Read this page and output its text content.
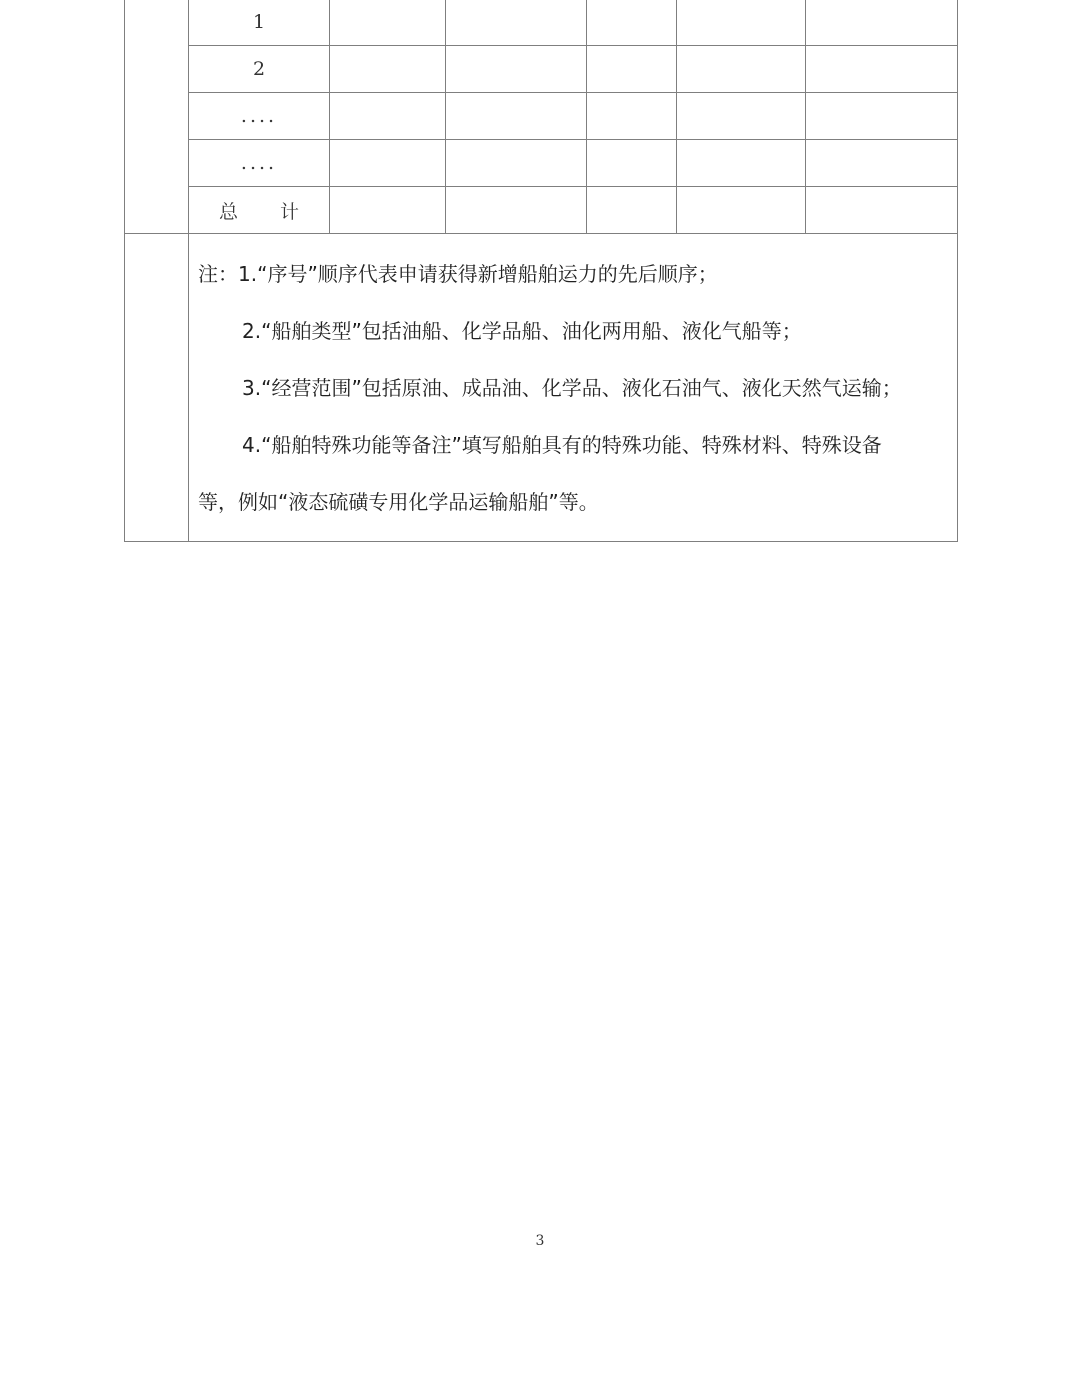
	1					
	2					
	....					
	....					
	总 计					

	注：1.“序号”顺序代表申请获得新增船舶运力的先后顺序；
2.“船舶类型”包括油船、化学品船、油化两用船、液化气船等；
3.“经营范围”包括原油、成品油、化学品、液化石油气、液化天然气运输；
4.“船舶特殊功能等备注”填写船舶具有的特殊功能、特殊材料、特殊设备
等，例如“液态硫磺专用化学品运输船舶”等。					
3
